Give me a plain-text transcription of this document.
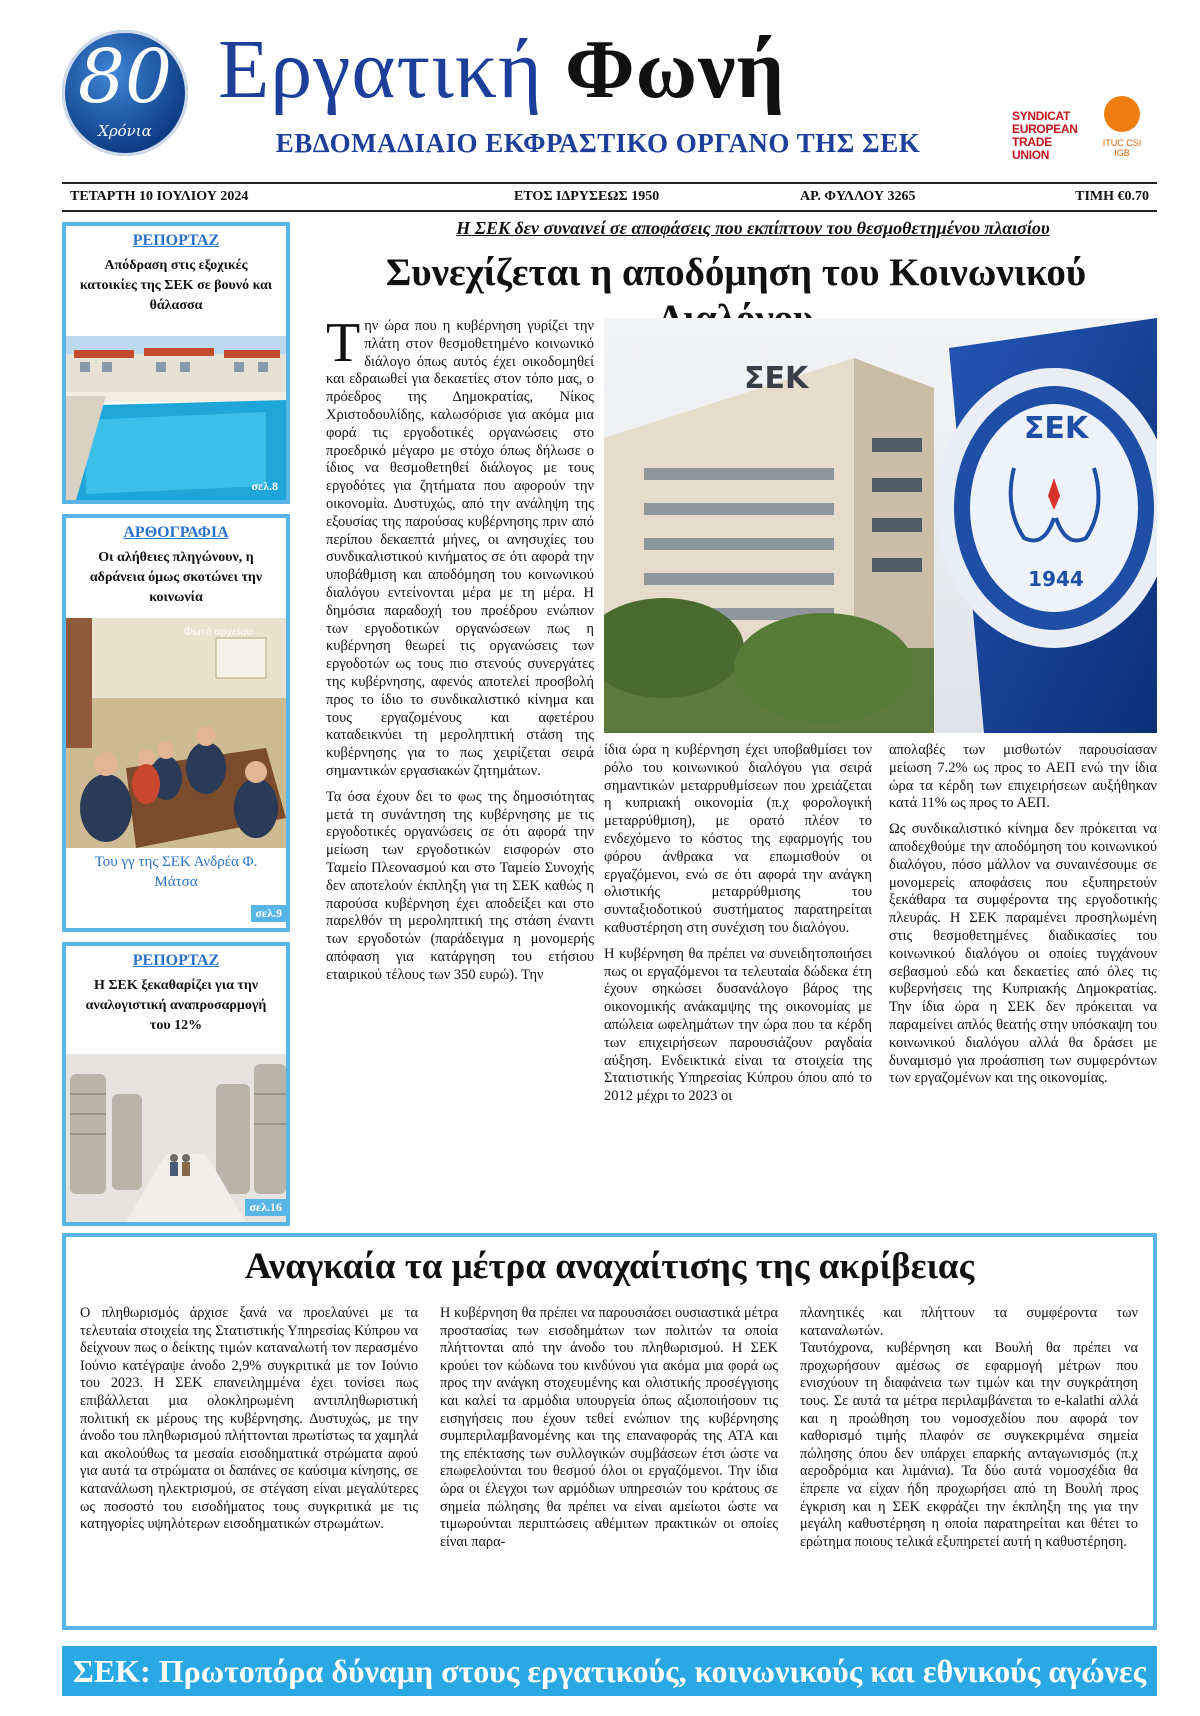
80
Χρόνια
Εργατική Φωνή
ΕΒΔΟΜΑΔΙΑΙΟ ΕΚΦΡΑΣΤΙΚΟ ΟΡΓΑΝΟ ΤΗΣ ΣΕΚ
SYNDICAT EUROPEAN TRADE UNION
ITUC CSI IGB
ΤΕΤΑΡΤΗ 10 ΙΟΥΛΙΟΥ 2024	ΕΤΟΣ ΙΔΡΥΣΕΩΣ 1950	ΑΡ. ΦΥΛΛΟΥ 3265	ΤΙΜΗ €0.70
ΡΕΠΟΡΤΑΖ
Απόδραση στις εξοχικές κατοικίες της ΣΕΚ σε βουνό και θάλασσα
σελ.8
ΑΡΘΟΓΡΑΦΙΑ
Οι αλήθειες πληγώνουν, η αδράνεια όμως σκοτώνει την κοινωνία
Φωτό αρχείου
Του γγ της ΣΕΚ Ανδρέα Φ. Μάτσα
σελ.9
ΡΕΠΟΡΤΑΖ
Η ΣΕΚ ξεκαθαρίζει για την αναλογιστική αναπροσαρμογή του 12%
σελ.16
Η ΣΕΚ δεν συναινεί σε αποφάσεις που εκπίπτουν του θεσμοθετημένου πλαισίου
Συνεχίζεται η αποδόμηση του Κοινωνικού

Την ώρα που η κυβέρνηση γυρίζει την πλάτη στον θεσμοθετημένο κοινωνικό διάλογο όπως αυτός έχει οικοδομηθεί και εδραιωθεί για δεκαετίες στον τόπο μας, ο πρόεδρος της Δημοκρατίας, Νίκος Χριστοδουλίδης, καλωσόρισε για ακόμα μια φορά τις εργοδοτικές οργανώσεις στο προεδρικό μέγαρο με στόχο όπως δήλωσε ο ίδιος να θεσμοθετηθεί διάλογος με τους εργοδότες για ζητήματα που αφορούν την οικονομία. Δυστυχώς, από την ανάληψη της εξουσίας της παρούσας κυβέρνησης πριν από περίπου δεκαεπτά μήνες, οι ανησυχίες του συνδικαλιστικού κινήματος σε ότι αφορά την υποβάθμιση και αποδόμηση του κοινωνικού διαλόγου εντείνονται μέρα με τη μέρα. Η δημόσια παραδοχή του προέδρου ενώπιον των εργοδοτικών οργανώσεων πως η κυβέρνηση θεωρεί τις οργανώσεις των εργοδοτών ως τους πιο στενούς συνεργάτες της κυβέρνησης, αφενός αποτελεί προσβολή προς το ίδιο το συνδικαλιστικό κίνημα και τους εργαζομένους και αφετέρου καταδεικνύει τη μεροληπτική στάση της κυβέρνησης για το πως χειρίζεται σειρά σημαντικών εργασιακών ζητημάτων.

Τα όσα έχουν δει το φως της δημοσιότητας μετά τη συνάντηση της κυβέρνησης με τις εργοδοτικές οργανώσεις σε ότι αφορά την μείωση των εργοδοτικών εισφορών στο Ταμείο Πλεονασμού και στο Ταμείο Συνοχής δεν αποτελούν έκπληξη για τη ΣΕΚ καθώς η παρούσα κυβέρνηση έχει αποδείξει και στο παρελθόν τη μεροληπτική της στάση έναντι των εργοδοτών (παράδειγμα η μονομερής απόφαση για κατάργηση του ετήσιου εταιρικού τέλους των 350 ευρώ). Την

ΣΕΚ
ΣΕΚ
1944

ίδια ώρα η κυβέρνηση έχει υποβαθμίσει τον ρόλο του κοινωνικού διαλόγου για σειρά σημαντικών μεταρρυθμίσεων που χρειάζεται η κυπριακή οικονομία (π.χ φορολογική μεταρρύθμιση), με ορατό πλέον το ενδεχόμενο το κόστος της εφαρμογής του φόρου άνθρακα να επωμισθούν οι εργαζόμενοι, ενώ σε ότι αφορά την ανάγκη ολιστικής μεταρρύθμισης του συνταξιοδοτικού συστήματος παρατηρείται καθυστέρηση στη συνέχιση του διαλόγου.

Η κυβέρνηση θα πρέπει να συνειδητοποιήσει πως οι εργαζόμενοι τα τελευταία δώδεκα έτη έχουν σηκώσει δυσανάλογο βάρος της οικονομικής ανάκαμψης της οικονομίας με απώλεια ωφελημάτων την ώρα που τα κέρδη των επιχειρήσεων παρουσιάζουν ραγδαία αύξηση. Ενδεικτικά είναι τα στοιχεία της Στατιστικής Υπηρεσίας Κύπρου όπου από το 2012 μέχρι το 2023 οι

απολαβές των μισθωτών παρουσίασαν μείωση 7.2% ως προς το ΑΕΠ ενώ την ίδια ώρα τα κέρδη των επιχειρήσεων αυξήθηκαν κατά 11% ως προς το ΑΕΠ.

Ως συνδικαλιστικό κίνημα δεν πρόκειται να αποδεχθούμε την αποδόμηση του κοινωνικού διαλόγου, πόσο μάλλον να συναινέσουμε σε μονομερείς αποφάσεις που εξυπηρετούν ξεκάθαρα τα συμφέροντα της εργοδοτικής πλευράς. Η ΣΕΚ παραμένει προσηλωμένη στις θεσμοθετημένες διαδικασίες του κοινωνικού διαλόγου οι οποίες τυγχάνουν σεβασμού εδώ και δεκαετίες από όλες τις κυβερνήσεις της Κυπριακής Δημοκρατίας. Την ίδια ώρα η ΣΕΚ δεν πρόκειται να παραμείνει απλός θεατής στην υπόσκαψη του κοινωνικού διαλόγου αλλά θα δράσει με δυναμισμό για προάσπιση των συμφερόντων των εργαζομένων και της οικονομίας.

Αναγκαία τα μέτρα αναχαίτισης της ακρίβειας

Ο πληθωρισμός άρχισε ξανά να προελαύνει με τα τελευταία στοιχεία της Στατιστικής Υπηρεσίας Κύπρου να δείχνουν πως ο δείκτης τιμών καταναλωτή τον περασμένο Ιούνιο κατέγραψε άνοδο 2,9% συγκριτικά με τον Ιούνιο του 2023. Η ΣΕΚ επανειλημμένα έχει τονίσει πως επιβάλλεται μια ολοκληρωμένη αντιπληθωριστική πολιτική εκ μέρους της κυβέρνησης. Δυστυχώς, με την άνοδο του πληθωρισμού πλήττονται πρωτίστως τα χαμηλά και ακολούθως τα μεσαία εισοδηματικά στρώματα αφού για αυτά τα στρώματα οι δαπάνες σε καύσιμα κίνησης, σε κατανάλωση ηλεκτρισμού, σε στέγαση είναι μεγαλύτερες ως ποσοστό του εισοδήματος τους συγκριτικά με τις κατηγορίες υψηλότερων εισοδηματικών στρωμάτων.

Η κυβέρνηση θα πρέπει να παρουσιάσει ουσιαστικά μέτρα προστασίας των εισοδημάτων των πολιτών τα οποία πλήττονται από την άνοδο του πληθωρισμού. Η ΣΕΚ κρούει τον κώδωνα του κινδύνου για ακόμα μια φορά ως προς την ανάγκη στοχευμένης και ολιστικής προσέγγισης και καλεί τα αρμόδια υπουργεία όπως αξιοποιήσουν τις εισηγήσεις που έχουν τεθεί ενώπιον της κυβέρνησης συμπεριλαμβανομένης και της επαναφοράς της ΑΤΑ και της επέκτασης των συλλογικών συμβάσεων έτσι ώστε να επωφελούνται του θεσμού όλοι οι εργαζόμενοι. Την ίδια ώρα οι έλεγχοι των αρμόδιων υπηρεσιών του κράτους σε σημεία πώλησης θα πρέπει να είναι αμείωτοι ώστε να τιμωρούνται περιπτώσεις αθέμιτων πρακτικών οι οποίες είναι παρα-

πλανητικές και πλήττουν τα συμφέροντα των καταναλωτών.

Ταυτόχρονα, κυβέρνηση και Βουλή θα πρέπει να προχωρήσουν αμέσως σε εφαρμογή μέτρων που ενισχύουν τη διαφάνεια των τιμών και την συγκράτηση τους. Σε αυτά τα μέτρα περιλαμβάνεται το e-kalathi αλλά και η προώθηση του νομοσχεδίου που αφορά τον καθορισμό τιμής πλαφόν σε συγκεκριμένα σημεία πώλησης όπου δεν υπάρχει επαρκής ανταγωνισμός (π.χ αεροδρόμια και λιμάνια). Τα δύο αυτά νομοσχέδια θα έπρεπε να είχαν ήδη προχωρήσει από τη Βουλή προς έγκριση και η ΣΕΚ εκφράζει την έκπληξη της για την μεγάλη καθυστέρηση η οποία παρατηρείται και θέτει το ερώτημα ποιους τελικά εξυπηρετεί αυτή η καθυστέρηση.

ΣΕΚ: Πρωτοπόρα δύναμη στους εργατικούς, κοινωνικούς και εθνικούς αγώνες
